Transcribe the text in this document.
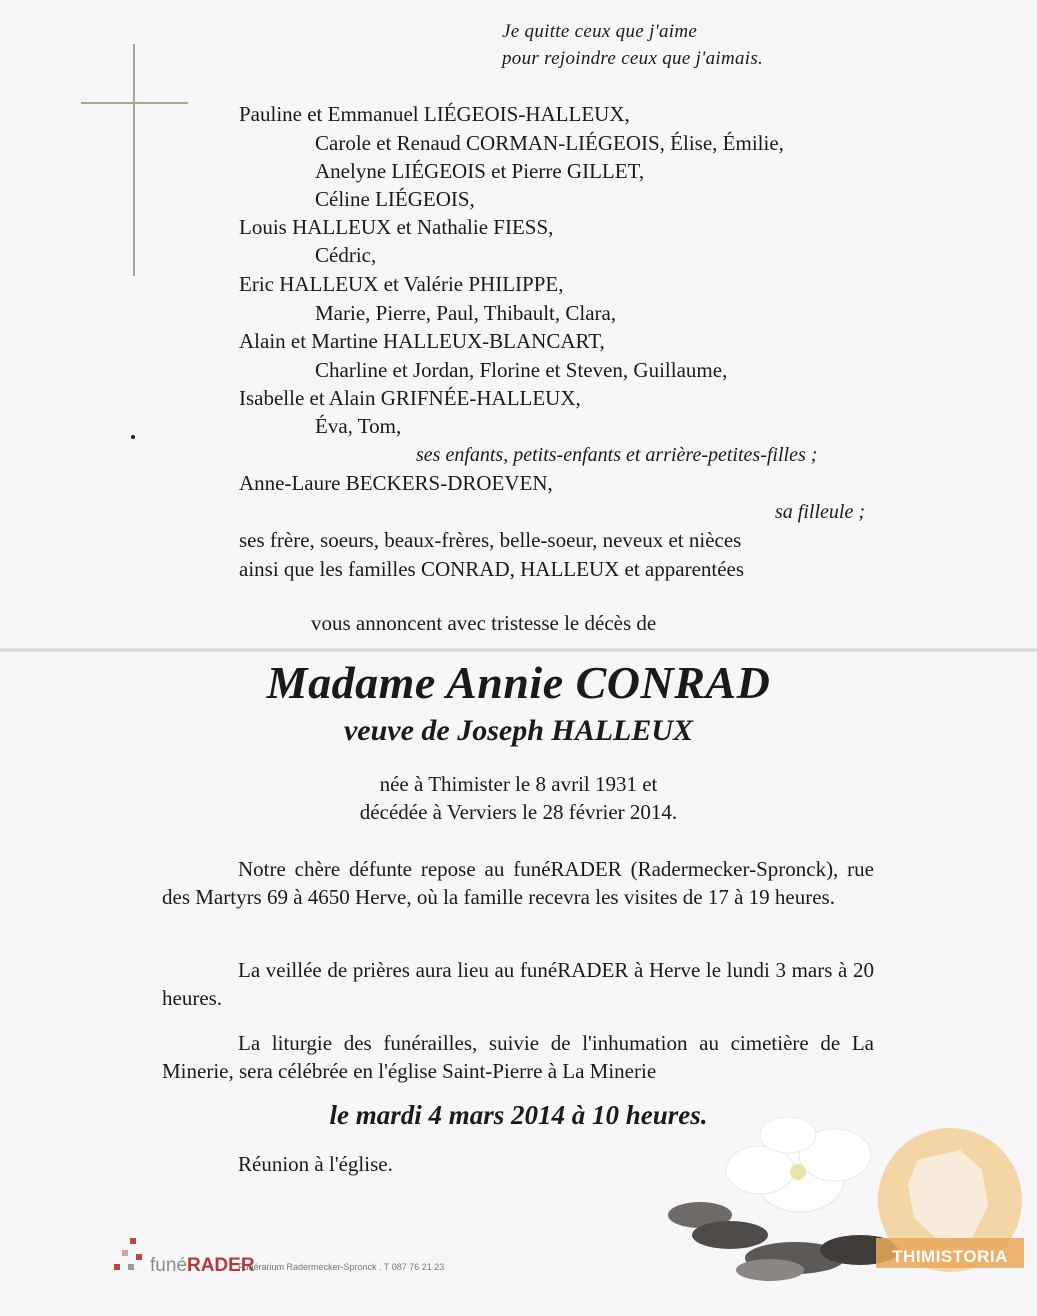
Je quitte ceux que j'aime
pour rejoindre ceux que j'aimais.
Pauline et Emmanuel LIÉGEOIS-HALLEUX,
Carole et Renaud CORMAN-LIÉGEOIS, Élise, Émilie,
Anelyne LIÉGEOIS et Pierre GILLET,
Céline LIÉGEOIS,
Louis HALLEUX et Nathalie FIESS,
Cédric,
Eric HALLEUX et Valérie PHILIPPE,
Marie, Pierre, Paul, Thibault, Clara,
Alain et Martine HALLEUX-BLANCART,
Charline et Jordan, Florine et Steven, Guillaume,
Isabelle et Alain GRIFNÉE-HALLEUX,
Éva, Tom,
ses enfants, petits-enfants et arrière-petites-filles ;
Anne-Laure BECKERS-DROEVEN,
sa filleule ;
ses frère, soeurs, beaux-frères, belle-soeur, neveux et nièces
ainsi que les familles CONRAD, HALLEUX et apparentées
vous annoncent avec tristesse le décès de
Madame Annie CONRAD
veuve de Joseph HALLEUX
née à Thimister le 8 avril 1931 et
décédée à Verviers le 28 février 2014.
Notre chère défunte repose au funéRADER (Radermecker-Spronck), rue des Martyrs 69 à 4650 Herve, où la famille recevra les visites de 17 à 19 heures.
La veillée de prières aura lieu au funéRADER à Herve le lundi 3 mars à 20 heures.
La liturgie des funérailles, suivie de l'inhumation au cimetière de La Minerie, sera célébrée en l'église Saint-Pierre à La Minerie
le mardi 4 mars 2014 à 10 heures.
Réunion à l'église.
THIMISTORIA
funéRADER
Funérarium Radermecker-Spronck . T 087 76 21 23
